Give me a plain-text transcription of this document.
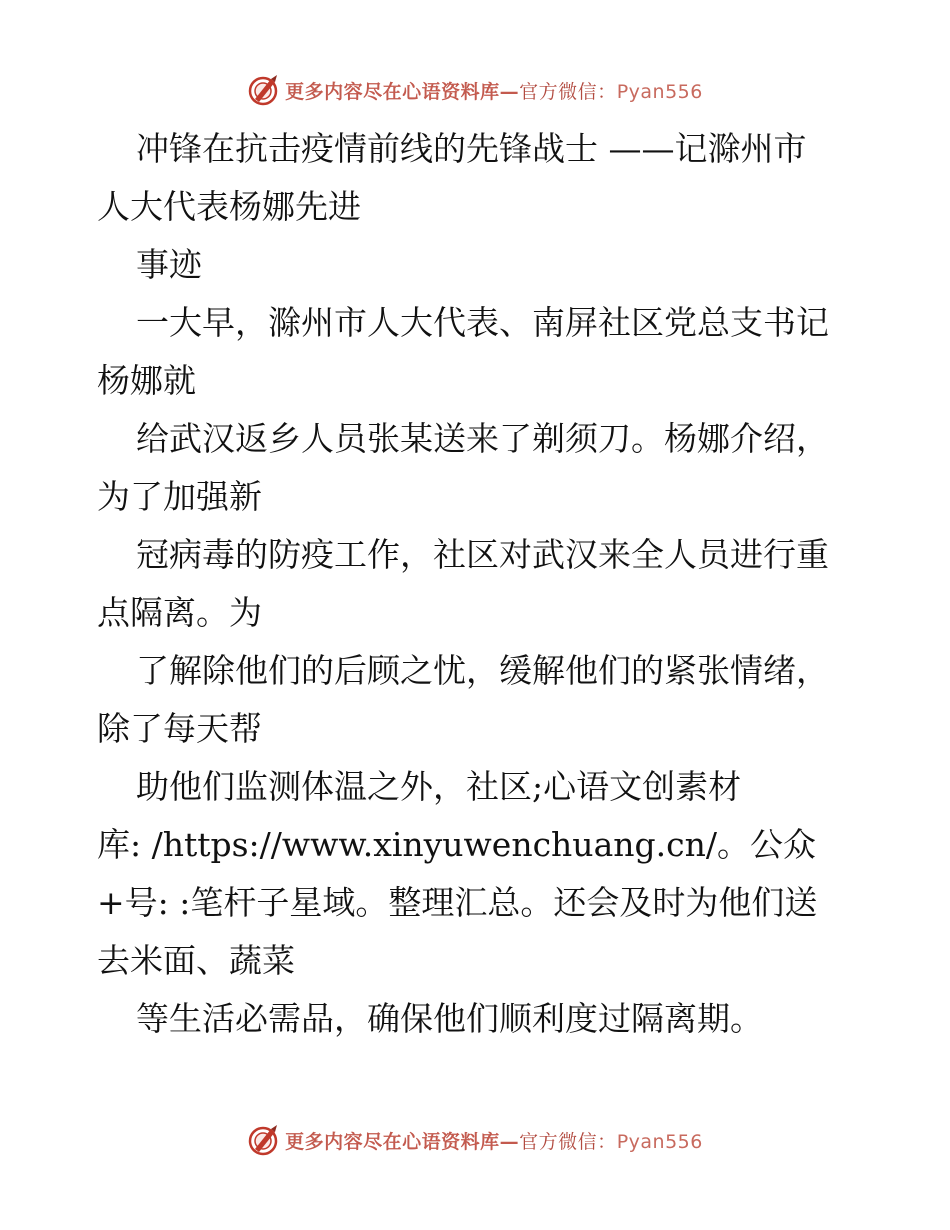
更多内容尽在心语资料库—官方微信：Pyan556
冲锋在抗击疫情前线的先锋战士 ——记滁州市
人大代表杨娜先进
事迹
一大早，滁州市人大代表、南屏社区党总支书记
杨娜就
给武汉返乡人员张某送来了剃须刀。杨娜介绍，
为了加强新
冠病毒的防疫工作，社区对武汉来全人员进行重
点隔离。为
了解除他们的后顾之忧，缓解他们的紧张情绪，
除了每天帮
助他们监测体温之外，社区;心语文创素材
库: /https://www.xinyuwenchuang.cn/。公众
+号: :笔杆子星域。整理汇总。还会及时为他们送
去米面、蔬菜
等生活必需品，确保他们顺利度过隔离期。
更多内容尽在心语资料库—官方微信：Pyan556
